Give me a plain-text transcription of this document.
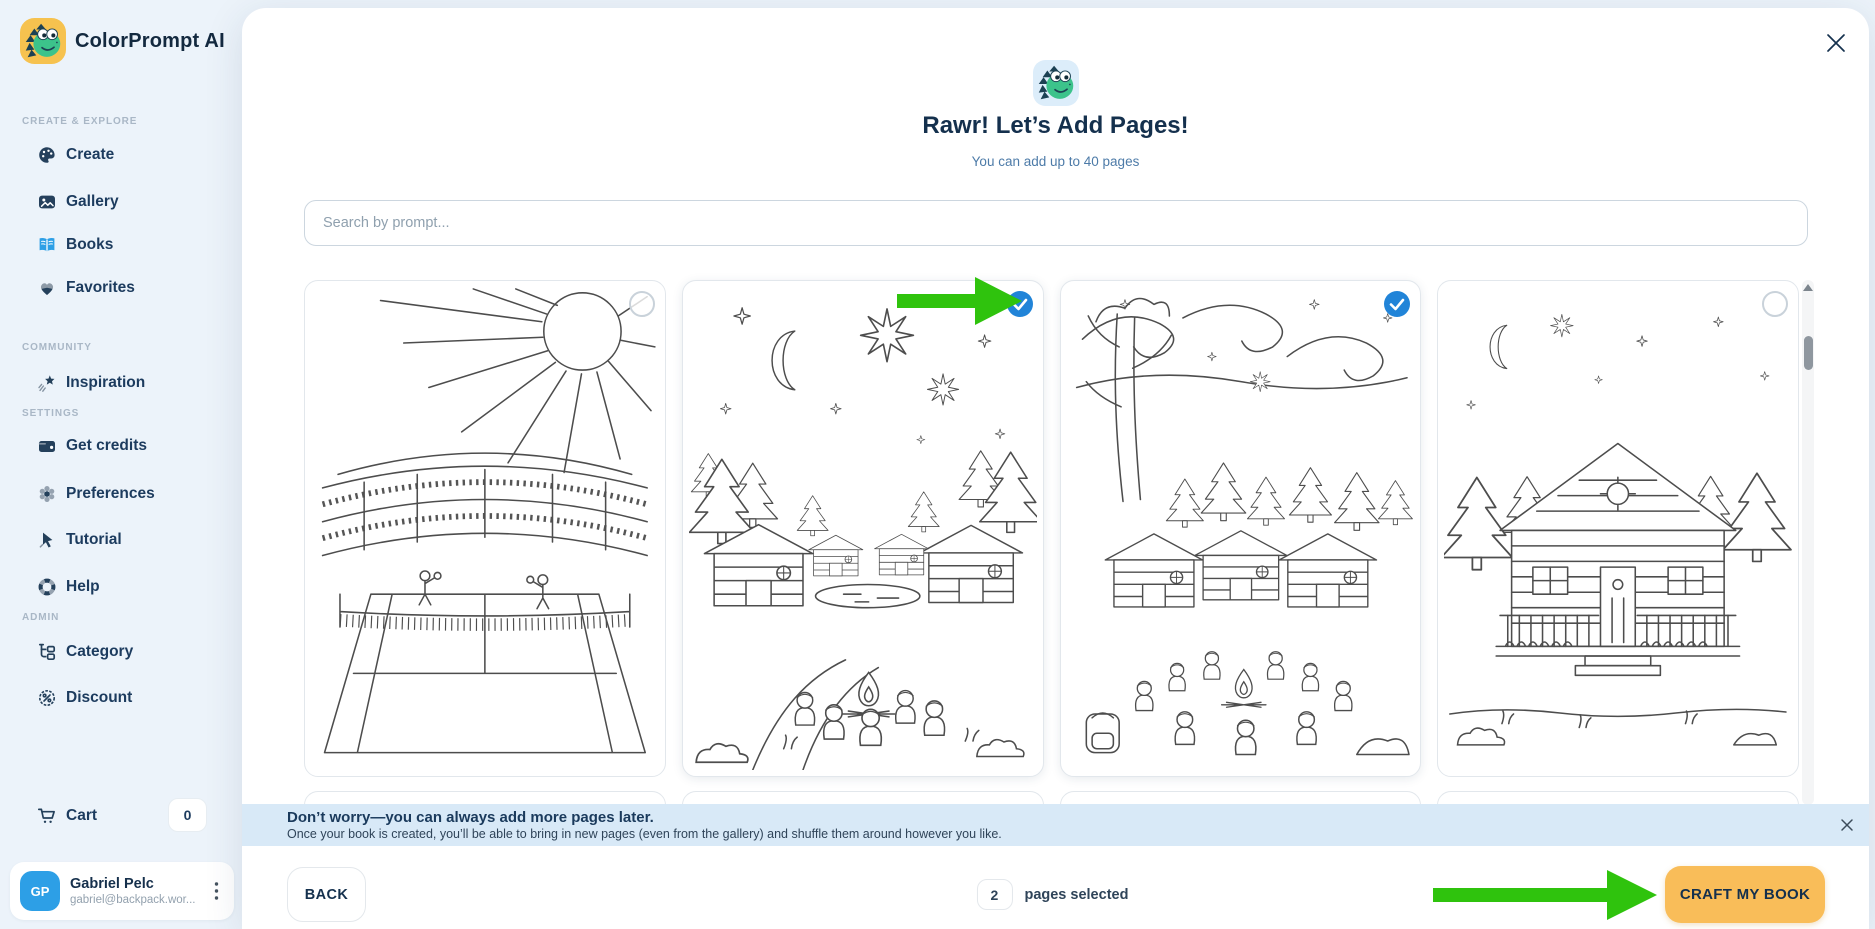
ColorPrompt AI
CREATE & EXPLORE
Create
Gallery
Books
Favorites
COMMUNITY
Inspiration
SETTINGS
Get credits
Preferences
Tutorial
Help
ADMIN
Category
Discount
Cart	0
GP	Gabriel Pelc
gabriel@backpack.wor...
Rawr! Let’s Add Pages!
You can add up to 40 pages
Search by prompt...
Don’t worry—you can always add more pages later.
Once your book is created, you’ll be able to bring in new pages (even from the gallery) and shuffle them around however you like.
BACK	2	pages selected	CRAFT MY BOOK
